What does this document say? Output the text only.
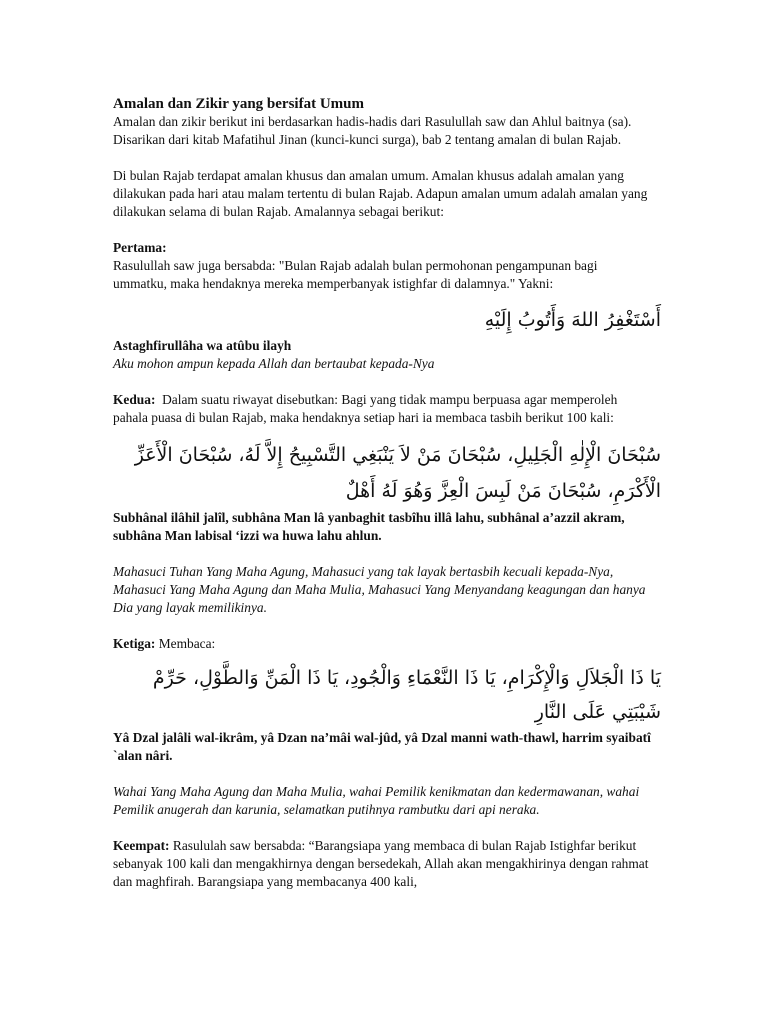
Amalan dan Zikir yang bersifat Umum

Amalan dan zikir berikut ini berdasarkan hadis-hadis dari Rasulullah saw dan Ahlul baitnya (sa). Disarikan dari kitab Mafatihul Jinan (kunci-kunci surga), bab 2 tentang amalan di bulan Rajab.

Di bulan Rajab terdapat amalan khusus dan amalan umum. Amalan khusus adalah amalan yang dilakukan pada hari atau malam tertentu di bulan Rajab. Adapun amalan umum adalah amalan yang dilakukan selama di bulan Rajab. Amalannya sebagai berikut:

Pertama:
Rasulullah saw juga bersabda: "Bulan Rajab adalah bulan permohonan pengampunan bagi ummatku, maka hendaknya mereka memperbanyak istighfar di dalamnya." Yakni:

أَسْتَغْفِرُ اللهَ وَأَتُوبُ إِلَيْهِ

Astaghfirullâha wa atûbu ilayh

Aku mohon ampun kepada Allah dan bertaubat kepada-Nya

Kedua: Dalam suatu riwayat disebutkan: Bagi yang tidak mampu berpuasa agar memperoleh pahala puasa di bulan Rajab, maka hendaknya setiap hari ia membaca tasbih berikut 100 kali:

سُبْحَانَ الْإِلٰهِ الْجَلِيلِ، سُبْحَانَ مَنْ لاَ يَنْبَغِي التَّسْبِيحُ إِلاَّ لَهُ، سُبْحَانَ الْأَعَزِّ الْأَكْرَمِ، سُبْحَانَ مَنْ لَبِسَ الْعِزَّ وَهُوَ لَهُ أَهْلٌ

Subhânal ilâhil jalîl, subhâna Man lâ yanbaghit tasbîhu illâ lahu, subhânal a’azzil akram, subhâna Man labisal ‘izzi wa huwa lahu ahlun.

Mahasuci Tuhan Yang Maha Agung, Mahasuci yang tak layak bertasbih kecuali kepada-Nya, Mahasuci Yang Maha Agung dan Maha Mulia, Mahasuci Yang Menyandang keagungan dan hanya Dia yang layak memilikinya.

Ketiga: Membaca:

يَا ذَا الْجَلاَلِ وَالْإِكْرَامِ، يَا ذَا النَّعْمَاءِ وَالْجُودِ، يَا ذَا الْمَنِّ وَالطَّوْلِ، حَرِّمْ شَيْبَتِي عَلَى النَّارِ

Yâ Dzal jalâli wal-ikrâm, yâ Dzan na’mâi wal-jûd, yâ Dzal manni wath-thawl, harrim syaibatî `alan nâri.

Wahai Yang Maha Agung dan Maha Mulia, wahai Pemilik kenikmatan dan kedermawanan, wahai Pemilik anugerah dan karunia, selamatkan putihnya rambutku dari api neraka.

Keempat: Rasululah saw bersabda: “Barangsiapa yang membaca di bulan Rajab Istighfar berikut sebanyak 100 kali dan mengakhirnya dengan bersedekah, Allah akan mengakhirinya dengan rahmat dan maghfirah. Barangsiapa yang membacanya 400 kali,
